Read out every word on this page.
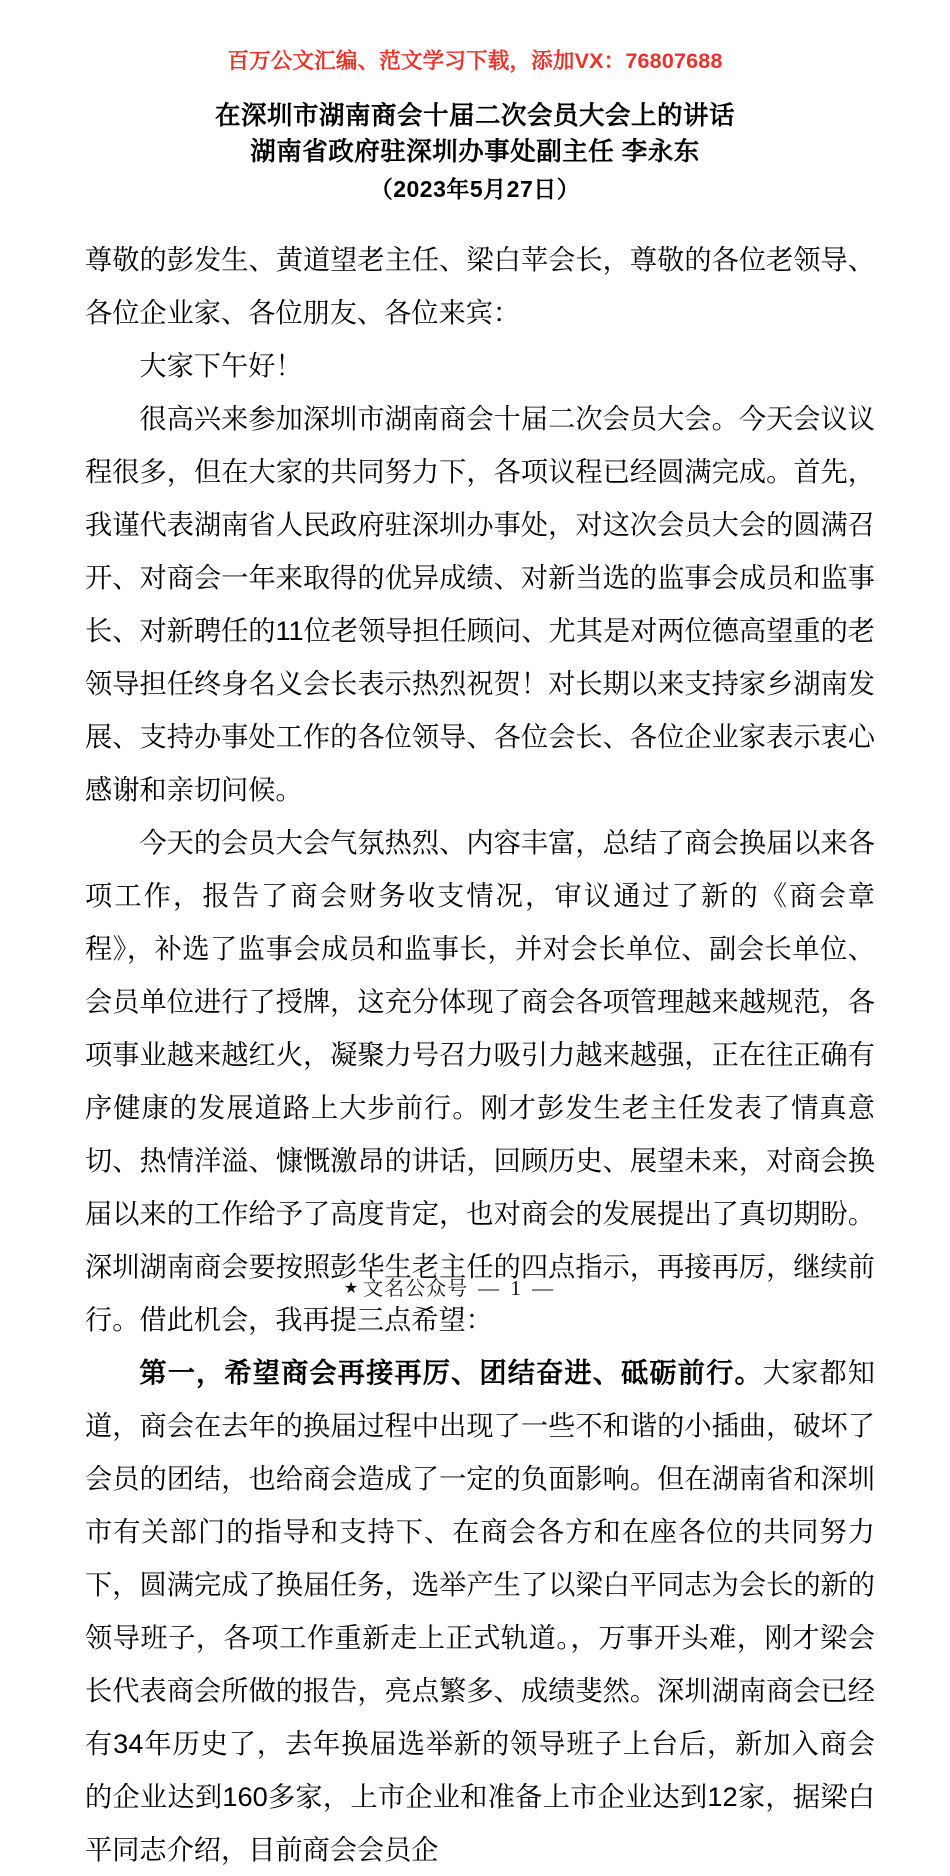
百万公文汇编、范文学习下载，添加VX：76807688
在深圳市湖南商会十届二次会员大会上的讲话
湖南省政府驻深圳办事处副主任 李永东
（2023年5月27日）

尊敬的彭发生、黄道望老主任、梁白苹会长，尊敬的各位老领导、各位企业家、各位朋友、各位来宾：

大家下午好！

很高兴来参加深圳市湖南商会十届二次会员大会。今天会议议程很多，但在大家的共同努力下，各项议程已经圆满完成。首先，我谨代表湖南省人民政府驻深圳办事处，对这次会员大会的圆满召开、对商会一年来取得的优异成绩、对新当选的监事会成员和监事长、对新聘任的11位老领导担任顾问、尤其是对两位德高望重的老领导担任终身名义会长表示热烈祝贺！对长期以来支持家乡湖南发展、支持办事处工作的各位领导、各位会长、各位企业家表示衷心感谢和亲切问候。

今天的会员大会气氛热烈、内容丰富，总结了商会换届以来各项工作，报告了商会财务收支情况，审议通过了新的《商会章程》，补选了监事会成员和监事长，并对会长单位、副会长单位、会员单位进行了授牌，这充分体现了商会各项管理越来越规范，各项事业越来越红火，凝聚力号召力吸引力越来越强，正在往正确有序健康的发展道路上大步前行。刚才彭发生老主任发表了情真意切、热情洋溢、慷慨激昂的讲话，回顾历史、展望未来，对商会换届以来的工作给予了高度肯定，也对商会的发展提出了真切期盼。深圳湖南商会要按照彭华生老主任的四点指示，再接再厉，继续前行。借此机会，我再提三点希望：

第一，希望商会再接再厉、团结奋进、砥砺前行。大家都知道，商会在去年的换届过程中出现了一些不和谐的小插曲，破坏了会员的团结，也给商会造成了一定的负面影响。但在湖南省和深圳市有关部门的指导和支持下、在商会各方和在座各位的共同努力下，圆满完成了换届任务，选举产生了以梁白平同志为会长的新的领导班子，各项工作重新走上正式轨道。，万事开头难，刚才梁会长代表商会所做的报告，亮点繁多、成绩斐然。深圳湖南商会已经有34年历史了，去年换届选举新的领导班子上台后，新加入商会的企业达到160多家，上市企业和准备上市企业达到12家，据梁白平同志介绍，目前商会会员企

★ 文名公众号 — 1 —
